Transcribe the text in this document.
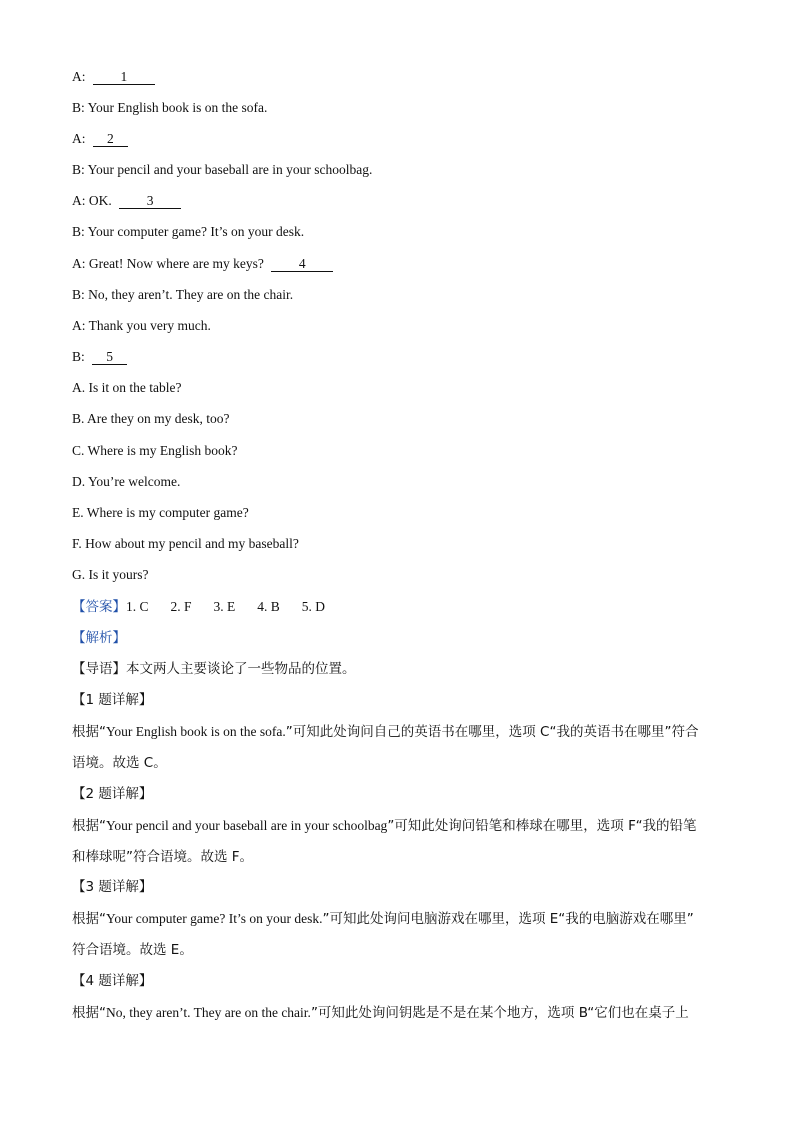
A:	1
B: Your English book is on the sofa.
A: 2
B: Your pencil and your baseball are in your schoolbag.
A: OK.	3
B: Your computer game? It’s on your desk.
A: Great! Now where are my keys?	4
B: No, they aren’t. They are on the chair.
A: Thank you very much.
B: 5
A. Is it on the table?
B. Are they on my desk, too?
C. Where is my English book?
D. You’re welcome.
E. Where is my computer game?
F. How about my pencil and my baseball?
G. Is it yours?
【答案】1. C 2. F 3. E 4. B 5. D
【解析】
【导语】本文两人主要谈论了一些物品的位置。
【1 题详解】
根据“Your English book is on the sofa.”可知此处询问自己的英语书在哪里，选项 C“我的英语书在哪里”符合
语境。故选 C。
【2 题详解】
根据“Your pencil and your baseball are in your schoolbag”可知此处询问铅笔和棒球在哪里，选项 F“我的铅笔
和棒球呢”符合语境。故选 F。
【3 题详解】
根据“Your computer game? It’s on your desk.”可知此处询问电脑游戏在哪里，选项 E“我的电脑游戏在哪里”
符合语境。故选 E。
【4 题详解】
根据“No, they aren’t. They are on the chair.”可知此处询问钥匙是不是在某个地方，选项 B“它们也在桌子上
